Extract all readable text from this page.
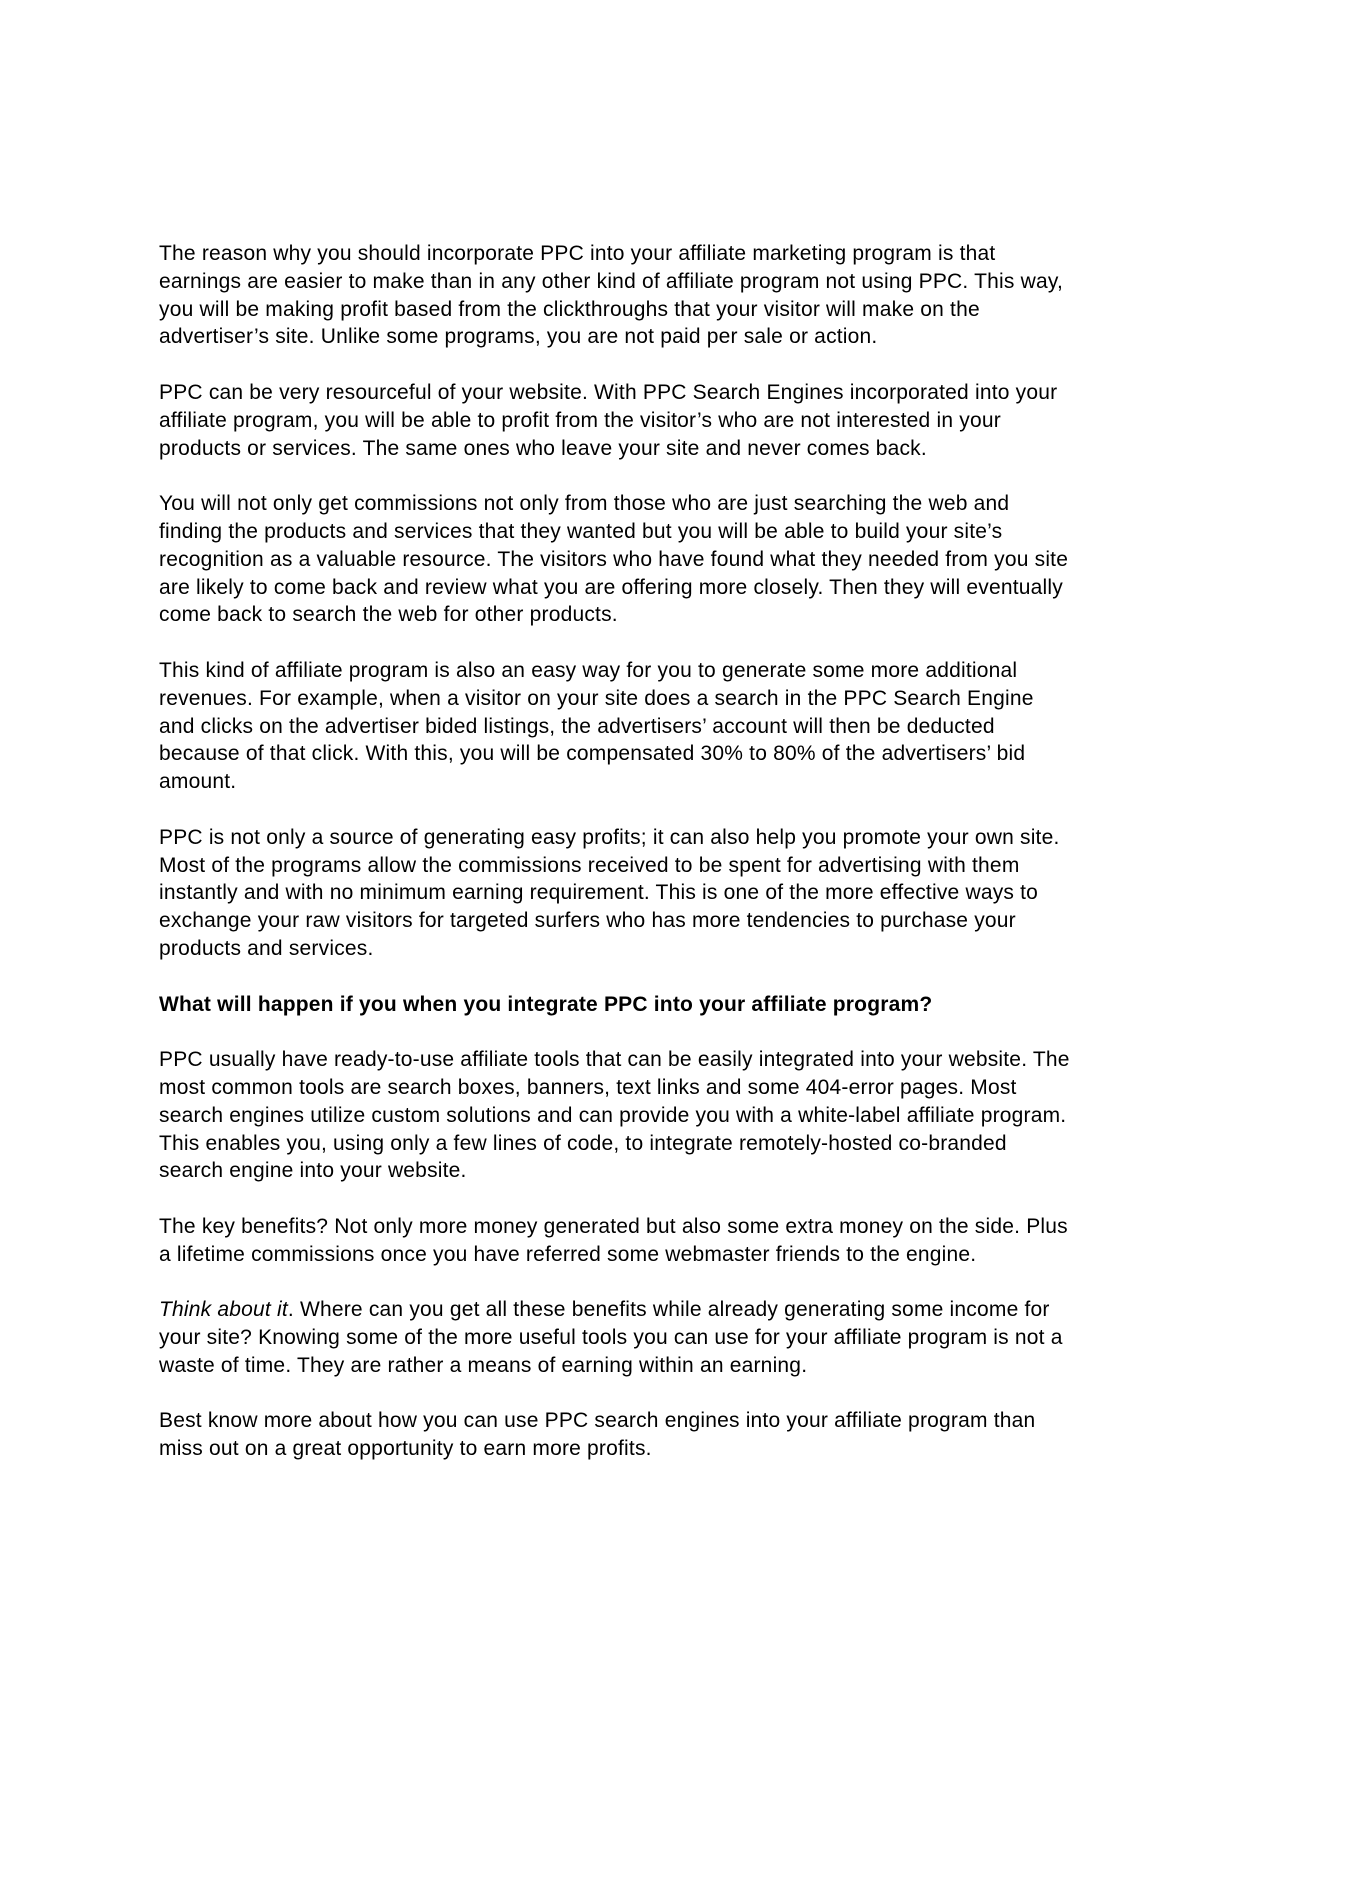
The reason why you should incorporate PPC into your affiliate marketing program is that
earnings are easier to make than in any other kind of affiliate program not using PPC. This way,
you will be making profit based from the clickthroughs that your visitor will make on the
advertiser’s site. Unlike some programs, you are not paid per sale or action.
PPC can be very resourceful of your website. With PPC Search Engines incorporated into your
affiliate program, you will be able to profit from the visitor’s who are not interested in your
products or services. The same ones who leave your site and never comes back.
You will not only get commissions not only from those who are just searching the web and
finding the products and services that they wanted but you will be able to build your site’s
recognition as a valuable resource. The visitors who have found what they needed from you site
are likely to come back and review what you are offering more closely. Then they will eventually
come back to search the web for other products.
This kind of affiliate program is also an easy way for you to generate some more additional
revenues. For example, when a visitor on your site does a search in the PPC Search Engine
and clicks on the advertiser bided listings, the advertisers’ account will then be deducted
because of that click. With this, you will be compensated 30% to 80% of the advertisers’ bid
amount.
PPC is not only a source of generating easy profits; it can also help you promote your own site.
Most of the programs allow the commissions received to be spent for advertising with them
instantly and with no minimum earning requirement. This is one of the more effective ways to
exchange your raw visitors for targeted surfers who has more tendencies to purchase your
products and services.
What will happen if you when you integrate PPC into your affiliate program?
PPC usually have ready-to-use affiliate tools that can be easily integrated into your website. The
most common tools are search boxes, banners, text links and some 404-error pages. Most
search engines utilize custom solutions and can provide you with a white-label affiliate program.
This enables you, using only a few lines of code, to integrate remotely-hosted co-branded
search engine into your website.
The key benefits? Not only more money generated but also some extra money on the side. Plus
a lifetime commissions once you have referred some webmaster friends to the engine.
Think about it. Where can you get all these benefits while already generating some income for
your site? Knowing some of the more useful tools you can use for your affiliate program is not a
waste of time. They are rather a means of earning within an earning.
Best know more about how you can use PPC search engines into your affiliate program than
miss out on a great opportunity to earn more profits.
